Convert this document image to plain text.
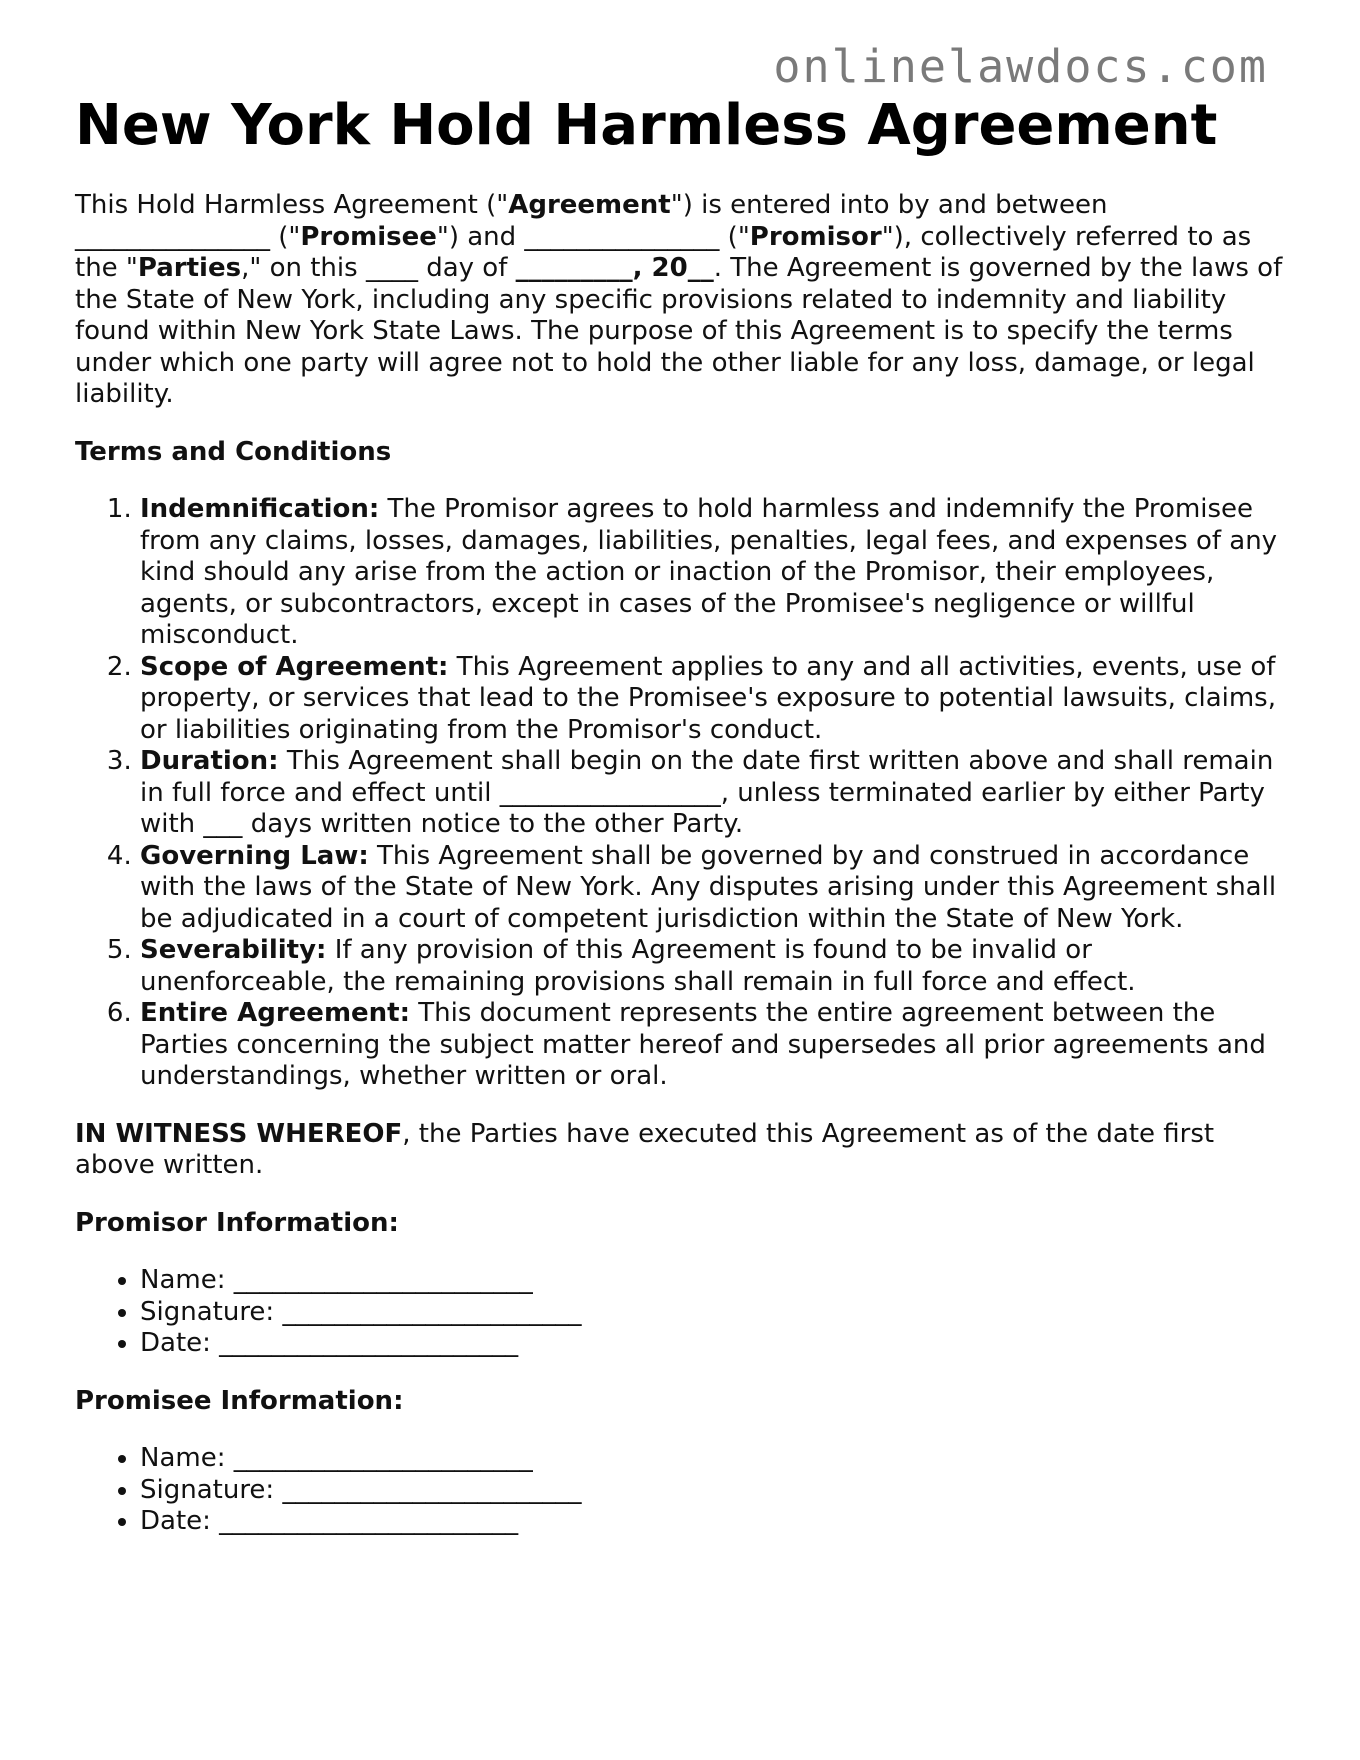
onlinelawdocs.com
New York Hold Harmless Agreement

This Hold Harmless Agreement ("Agreement") is entered into by and between _______________ ("Promisee") and _______________ ("Promisor"), collectively referred to as the "Parties," on this ____ day of _________, 20__. The Agreement is governed by the laws of the State of New York, including any specific provisions related to indemnity and liability found within New York State Laws. The purpose of this Agreement is to specify the terms under which one party will agree not to hold the other liable for any loss, damage, or legal liability.

Terms and Conditions

1. Indemnification: The Promisor agrees to hold harmless and indemnify the Promisee from any claims, losses, damages, liabilities, penalties, legal fees, and expenses of any kind should any arise from the action or inaction of the Promisor, their employees, agents, or subcontractors, except in cases of the Promisee's negligence or willful misconduct.
2. Scope of Agreement: This Agreement applies to any and all activities, events, use of property, or services that lead to the Promisee's exposure to potential lawsuits, claims, or liabilities originating from the Promisor's conduct.
3. Duration: This Agreement shall begin on the date first written above and shall remain in full force and effect until _________________, unless terminated earlier by either Party with ___ days written notice to the other Party.
4. Governing Law: This Agreement shall be governed by and construed in accordance with the laws of the State of New York. Any disputes arising under this Agreement shall be adjudicated in a court of competent jurisdiction within the State of New York.
5. Severability: If any provision of this Agreement is found to be invalid or unenforceable, the remaining provisions shall remain in full force and effect.
6. Entire Agreement: This document represents the entire agreement between the Parties concerning the subject matter hereof and supersedes all prior agreements and understandings, whether written or oral.

IN WITNESS WHEREOF, the Parties have executed this Agreement as of the date first above written.

Promisor Information:

• Name: _______________________
• Signature: _______________________
• Date: _______________________

Promisee Information:

• Name: _______________________
• Signature: _______________________
• Date: _______________________
